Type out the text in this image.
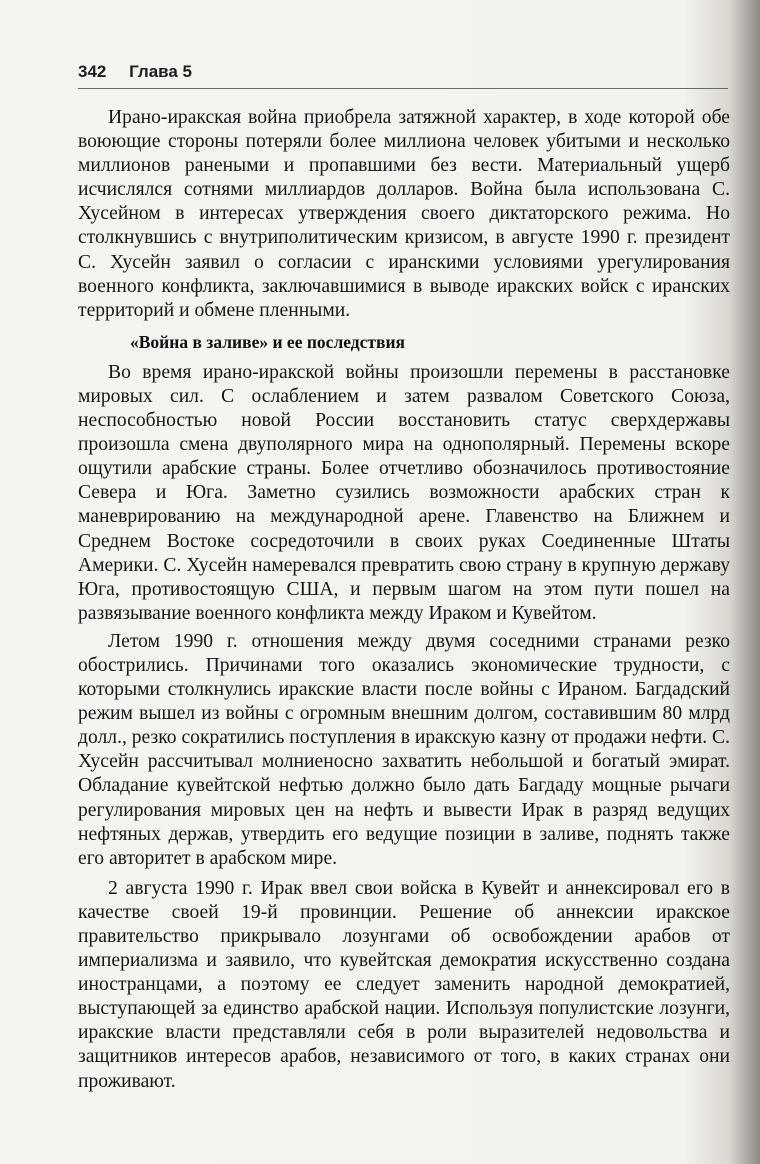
342 Глава 5

Ирано-иракская война приобрела затяжной характер, в ходе которой обе воюющие стороны потеряли более миллиона человек убитыми и несколько миллионов ранеными и пропавшими без вести. Материальный ущерб исчислялся сотнями миллиардов долларов. Война была использована С. Хусейном в интересах утверждения своего диктаторского режима. Но столкнувшись с внутриполитическим кризисом, в августе 1990 г. президент С. Хусейн заявил о согласии с иранскими условиями урегулирования военного конфликта, заключавшимися в выводе иракских войск с иранских территорий и обмене пленными.

«Война в заливе» и ее последствия

Во время ирано-иракской войны произошли перемены в расстановке мировых сил. С ослаблением и затем развалом Советского Союза, неспособностью новой России восстановить статус сверхдержавы произошла смена двуполярного мира на однополярный. Перемены вскоре ощутили арабские страны. Более отчетливо обозначилось противостояние Севера и Юга. Заметно сузились возможности арабских стран к маневрированию на международной арене. Главенство на Ближнем и Среднем Востоке сосредоточили в своих руках Соединенные Штаты Америки. С. Хусейн намеревался превратить свою страну в крупную державу Юга, противостоящую США, и первым шагом на этом пути пошел на развязывание военного конфликта между Ираком и Кувейтом.

Летом 1990 г. отношения между двумя соседними странами резко обострились. Причинами того оказались экономические трудности, с которыми столкнулись иракские власти после войны с Ираном. Багдадский режим вышел из войны с огромным внешним долгом, составившим 80 млрд долл., резко сократились поступления в иракскую казну от продажи нефти. С. Хусейн рассчитывал молниеносно захватить небольшой и богатый эмират. Обладание кувейтской нефтью должно было дать Багдаду мощные рычаги регулирования мировых цен на нефть и вывести Ирак в разряд ведущих нефтяных держав, утвердить его ведущие позиции в заливе, поднять также его авторитет в арабском мире.

2 августа 1990 г. Ирак ввел свои войска в Кувейт и аннексировал его в качестве своей 19-й провинции. Решение об аннексии иракское правительство прикрывало лозунгами об освобождении арабов от империализма и заявило, что кувейтская демократия искусственно создана иностранцами, а поэтому ее следует заменить народной демократией, выступающей за единство арабской нации. Используя популистские лозунги, иракские власти представляли себя в роли выразителей недовольства и защитников интересов арабов, независимого от того, в каких странах они проживают.
